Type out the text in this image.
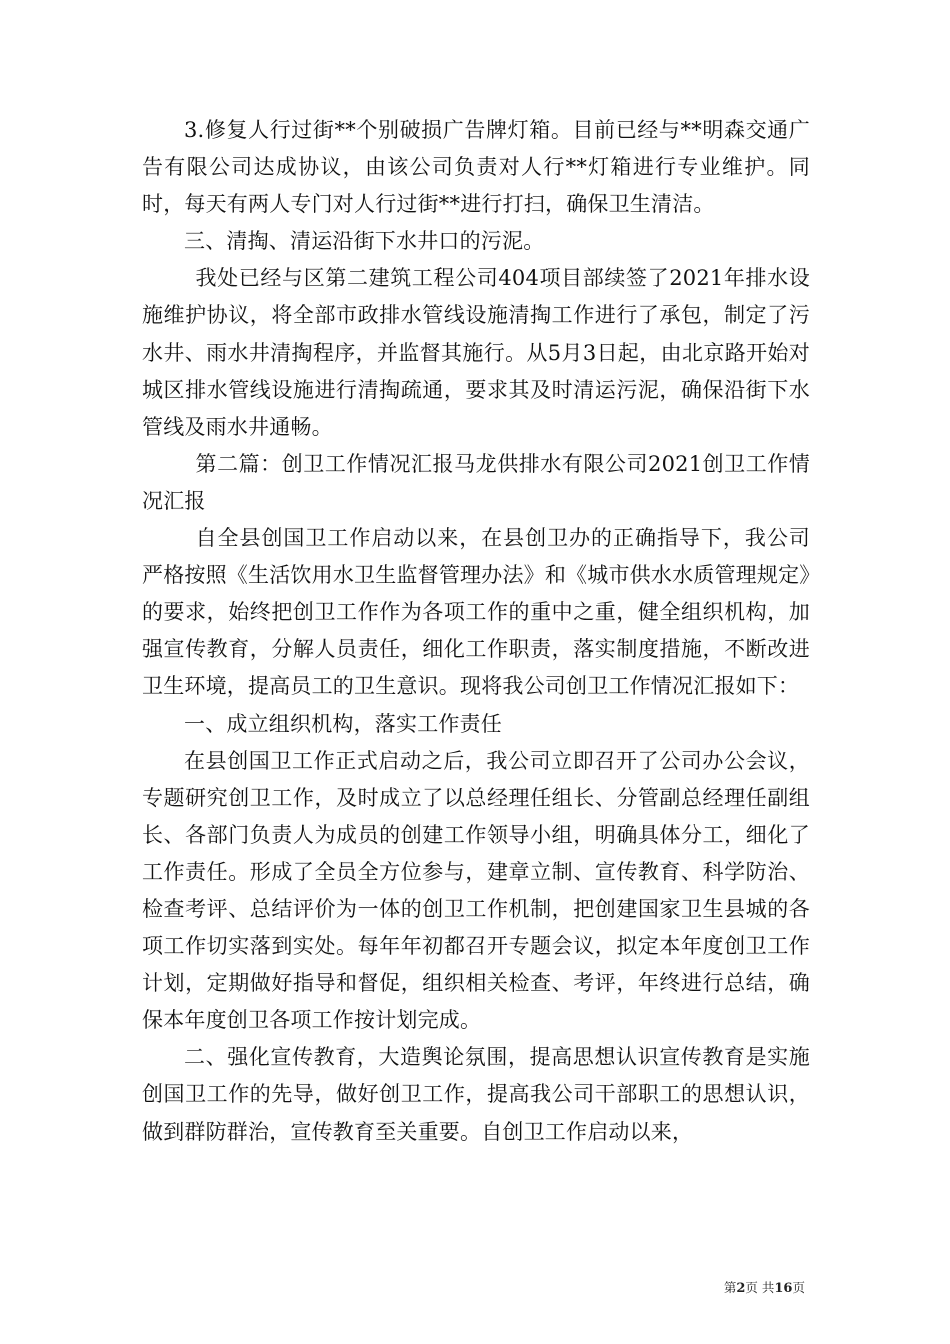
3.修复人行过街**个别破损广告牌灯箱。目前已经与**明森交通广告有限公司达成协议，由该公司负责对人行**灯箱进行专业维护。同时，每天有两人专门对人行过街**进行打扫，确保卫生清洁。

三、清掏、清运沿街下水井口的污泥。

我处已经与区第二建筑工程公司404项目部续签了2021年排水设施维护协议，将全部市政排水管线设施清掏工作进行了承包，制定了污水井、雨水井清掏程序，并监督其施行。从5月3日起，由北京路开始对城区排水管线设施进行清掏疏通，要求其及时清运污泥，确保沿街下水管线及雨水井通畅。

第二篇：创卫工作情况汇报马龙供排水有限公司2021创卫工作情况汇报

自全县创国卫工作启动以来，在县创卫办的正确指导下，我公司严格按照《生活饮用水卫生监督管理办法》和《城市供水水质管理规定》的要求，始终把创卫工作作为各项工作的重中之重，健全组织机构，加强宣传教育，分解人员责任，细化工作职责，落实制度措施，不断改进卫生环境，提高员工的卫生意识。现将我公司创卫工作情况汇报如下：

一、成立组织机构，落实工作责任

在县创国卫工作正式启动之后，我公司立即召开了公司办公会议，专题研究创卫工作，及时成立了以总经理任组长、分管副总经理任副组长、各部门负责人为成员的创建工作领导小组，明确具体分工，细化了工作责任。形成了全员全方位参与，建章立制、宣传教育、科学防治、检查考评、总结评价为一体的创卫工作机制，把创建国家卫生县城的各项工作切实落到实处。每年年初都召开专题会议，拟定本年度创卫工作计划，定期做好指导和督促，组织相关检查、考评，年终进行总结，确保本年度创卫各项工作按计划完成。

二、强化宣传教育，大造舆论氛围，提高思想认识宣传教育是实施创国卫工作的先导，做好创卫工作，提高我公司干部职工的思想认识，做到群防群治，宣传教育至关重要。自创卫工作启动以来，

第2页 共16页
